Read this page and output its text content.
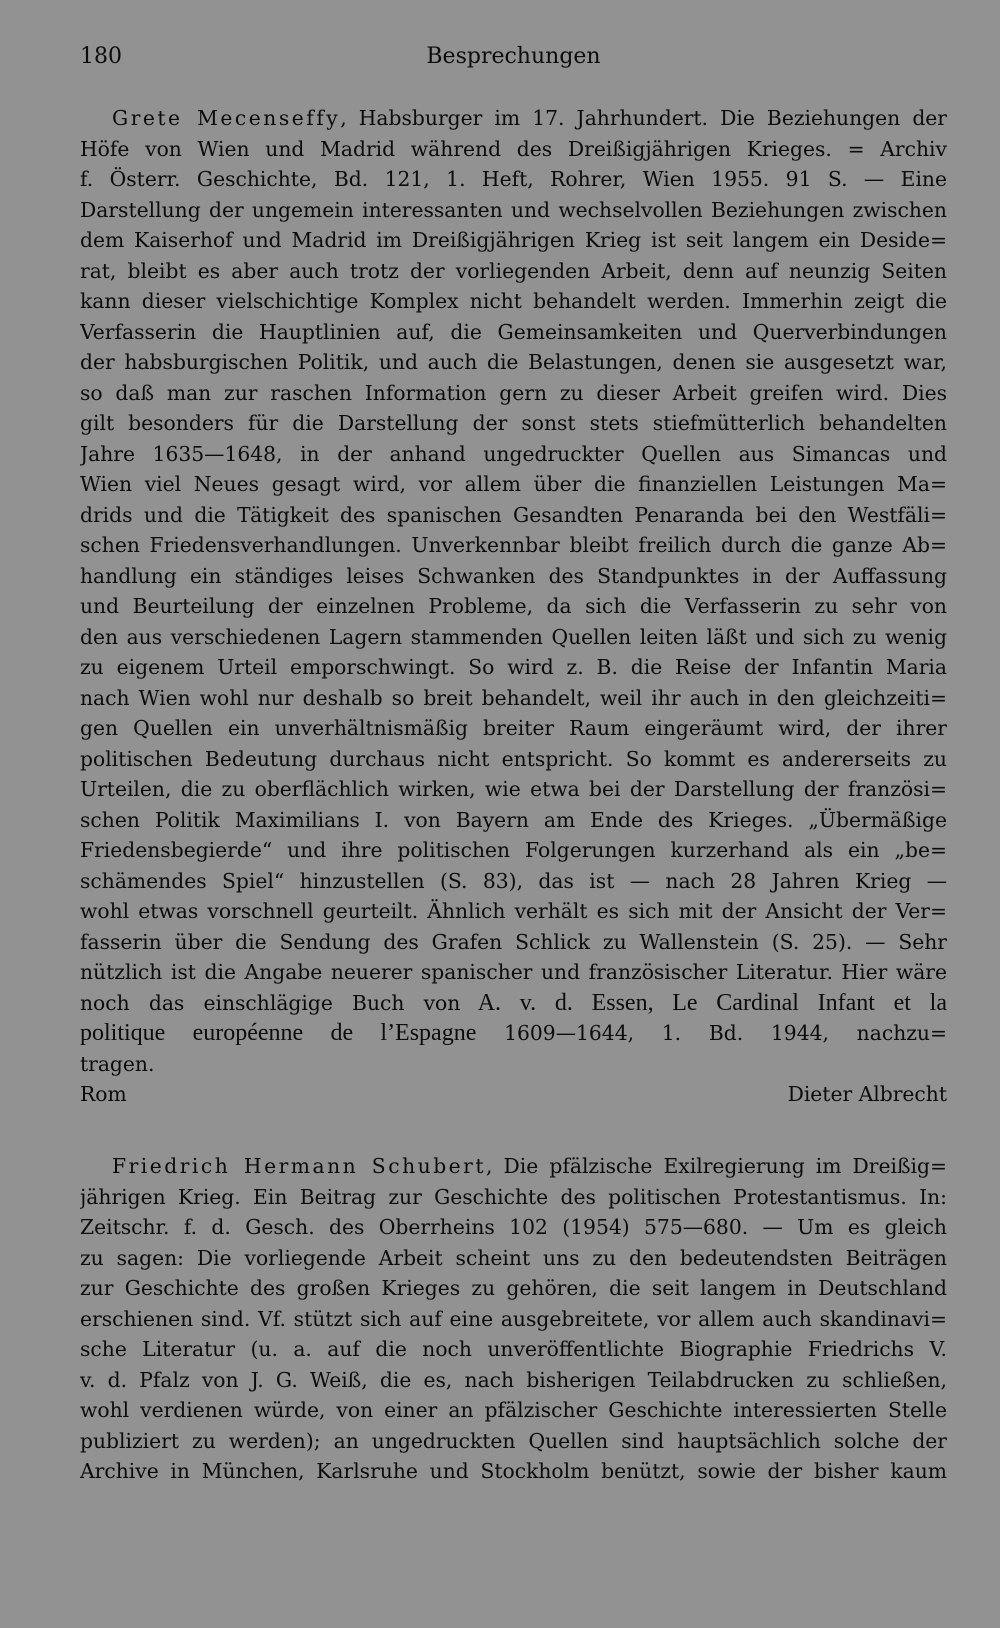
180	Besprechungen
Grete Mecenseffy, Habsburger im 17. Jahrhundert. Die Beziehungen der
Höfe von Wien und Madrid während des Dreißigjährigen Krieges. = Archiv
f. Österr. Geschichte, Bd. 121, 1. Heft, Rohrer, Wien 1955. 91 S. — Eine
Darstellung der ungemein interessanten und wechselvollen Beziehungen zwischen
dem Kaiserhof und Madrid im Dreißigjährigen Krieg ist seit langem ein Deside=
rat, bleibt es aber auch trotz der vorliegenden Arbeit, denn auf neunzig Seiten
kann dieser vielschichtige Komplex nicht behandelt werden. Immerhin zeigt die
Verfasserin die Hauptlinien auf, die Gemeinsamkeiten und Querverbindungen
der habsburgischen Politik, und auch die Belastungen, denen sie ausgesetzt war,
so daß man zur raschen Information gern zu dieser Arbeit greifen wird. Dies
gilt besonders für die Darstellung der sonst stets stiefmütterlich behandelten
Jahre 1635—1648, in der anhand ungedruckter Quellen aus Simancas und
Wien viel Neues gesagt wird, vor allem über die finanziellen Leistungen Ma=
drids und die Tätigkeit des spanischen Gesandten Penaranda bei den Westfäli=
schen Friedensverhandlungen. Unverkennbar bleibt freilich durch die ganze Ab=
handlung ein ständiges leises Schwanken des Standpunktes in der Auffassung
und Beurteilung der einzelnen Probleme, da sich die Verfasserin zu sehr von
den aus verschiedenen Lagern stammenden Quellen leiten läßt und sich zu wenig
zu eigenem Urteil emporschwingt. So wird z. B. die Reise der Infantin Maria
nach Wien wohl nur deshalb so breit behandelt, weil ihr auch in den gleichzeiti=
gen Quellen ein unverhältnismäßig breiter Raum eingeräumt wird, der ihrer
politischen Bedeutung durchaus nicht entspricht. So kommt es andererseits zu
Urteilen, die zu oberflächlich wirken, wie etwa bei der Darstellung der französi=
schen Politik Maximilians I. von Bayern am Ende des Krieges. „Übermäßige
Friedensbegierde“ und ihre politischen Folgerungen kurzerhand als ein „be=
schämendes Spiel“ hinzustellen (S. 83), das ist — nach 28 Jahren Krieg —
wohl etwas vorschnell geurteilt. Ähnlich verhält es sich mit der Ansicht der Ver=
fasserin über die Sendung des Grafen Schlick zu Wallenstein (S. 25). — Sehr
nützlich ist die Angabe neuerer spanischer und französischer Literatur. Hier wäre
noch das einschlägige Buch von A. v. d. Essen, Le Cardinal Infant et la
politique européenne de l’Espagne 1609—1644, 1. Bd. 1944, nachzu=
tragen.
Rom	Dieter Albrecht
Friedrich Hermann Schubert, Die pfälzische Exilregierung im Dreißig=
jährigen Krieg. Ein Beitrag zur Geschichte des politischen Protestantismus. In:
Zeitschr. f. d. Gesch. des Oberrheins 102 (1954) 575—680. — Um es gleich
zu sagen: Die vorliegende Arbeit scheint uns zu den bedeutendsten Beiträgen
zur Geschichte des großen Krieges zu gehören, die seit langem in Deutschland
erschienen sind. Vf. stützt sich auf eine ausgebreitete, vor allem auch skandinavi=
sche Literatur (u. a. auf die noch unveröffentlichte Biographie Friedrichs V.
v. d. Pfalz von J. G. Weiß, die es, nach bisherigen Teilabdrucken zu schließen,
wohl verdienen würde, von einer an pfälzischer Geschichte interessierten Stelle
publiziert zu werden); an ungedruckten Quellen sind hauptsächlich solche der
Archive in München, Karlsruhe und Stockholm benützt, sowie der bisher kaum
